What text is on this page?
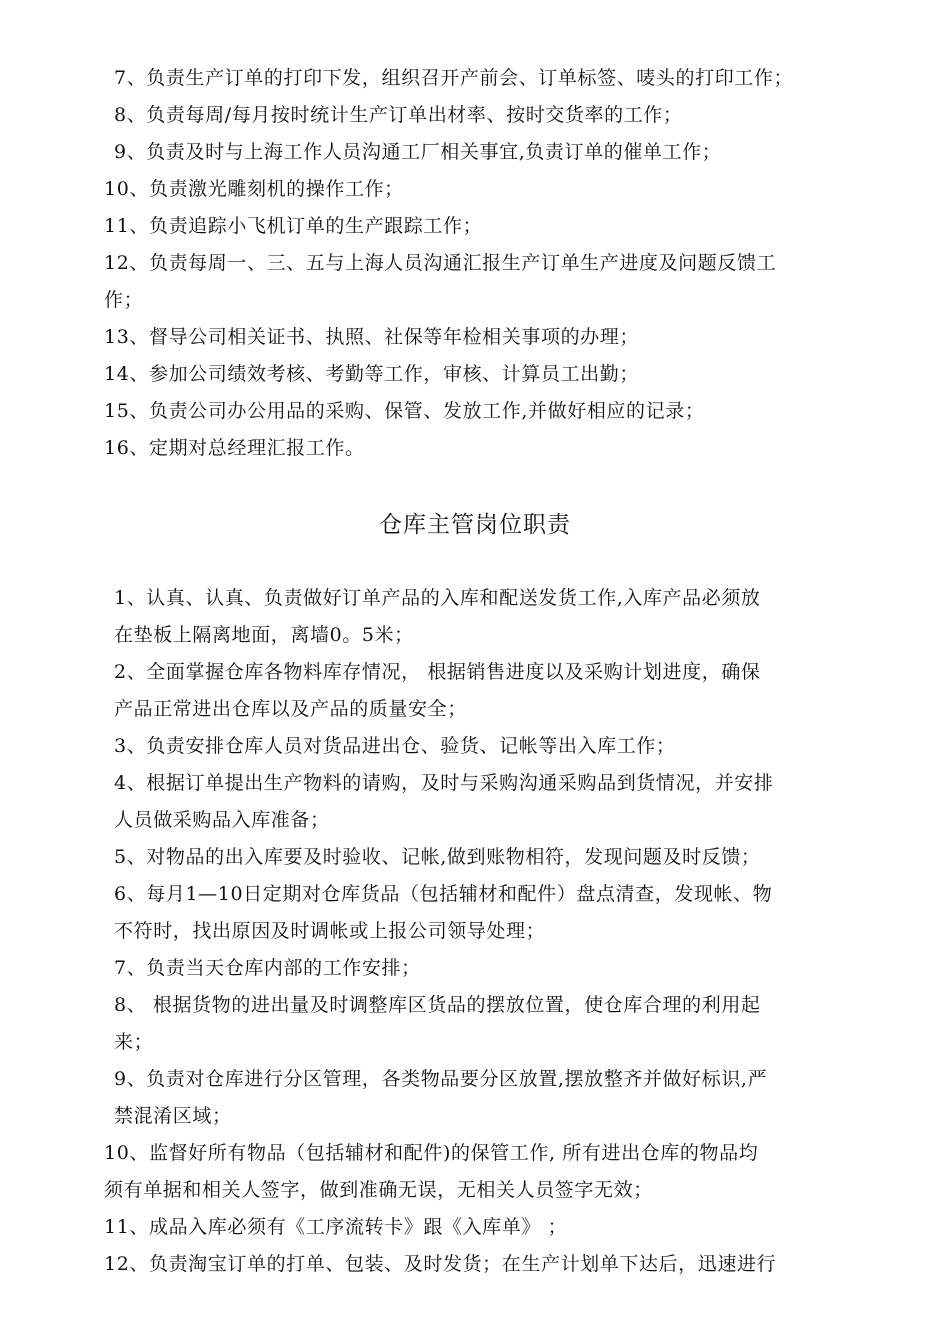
7、负责生产订单的打印下发，组织召开产前会、订单标签、唛头的打印工作；
8、负责每周/每月按时统计生产订单出材率、按时交货率的工作；
9、负责及时与上海工作人员沟通工厂相关事宜,负责订单的催单工作；
10、负责激光雕刻机的操作工作；
11、负责追踪小飞机订单的生产跟踪工作；
12、负责每周一、三、五与上海人员沟通汇报生产订单生产进度及问题反馈工
作；
13、督导公司相关证书、执照、社保等年检相关事项的办理；
14、参加公司绩效考核、考勤等工作，审核、计算员工出勤；
15、负责公司办公用品的采购、保管、发放工作,并做好相应的记录；
16、定期对总经理汇报工作。
仓库主管岗位职责
1、认真、认真、负责做好订单产品的入库和配送发货工作,入库产品必须放
在垫板上隔离地面，离墙0。5米；
2、全面掌握仓库各物料库存情况， 根据销售进度以及采购计划进度，确保
产品正常进出仓库以及产品的质量安全；
3、负责安排仓库人员对货品进出仓、验货、记帐等出入库工作；
4、根据订单提出生产物料的请购，及时与采购沟通采购品到货情况，并安排
人员做采购品入库准备；
5、对物品的出入库要及时验收、记帐,做到账物相符，发现问题及时反馈；
6、每月1—10日定期对仓库货品（包括辅材和配件）盘点清查，发现帐、物
不符时，找出原因及时调帐或上报公司领导处理；
7、负责当天仓库内部的工作安排；
8、 根据货物的进出量及时调整库区货品的摆放位置，使仓库合理的利用起
来；
9、负责对仓库进行分区管理，各类物品要分区放置,摆放整齐并做好标识,严
禁混淆区域；
10、监督好所有物品（包括辅材和配件)的保管工作, 所有进出仓库的物品均
须有单据和相关人签字，做到准确无误，无相关人员签字无效；
11、成品入库必须有《工序流转卡》跟《入库单》 ；
12、负责淘宝订单的打单、包装、及时发货；在生产计划单下达后，迅速进行
